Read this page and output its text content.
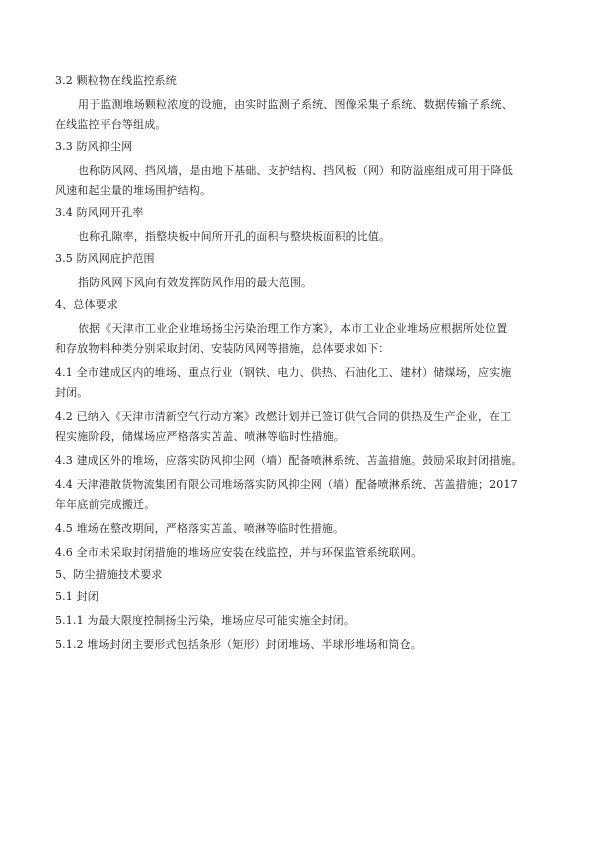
3.2 颗粒物在线监控系统
用于监测堆场颗粒浓度的设施，由实时监测子系统、图像采集子系统、数据传输子系统、
在线监控平台等组成。
3.3 防风抑尘网
也称防风网、挡风墙，是由地下基础、支护结构、挡风板（网）和防溢座组成可用于降低
风速和起尘量的堆场围护结构。
3.4 防风网开孔率
也称孔隙率，指整块板中间所开孔的面积与整块板面积的比值。
3.5 防风网庇护范围
指防风网下风向有效发挥防风作用的最大范围。
4、总体要求
依据《天津市工业企业堆场扬尘污染治理工作方案》，本市工业企业堆场应根据所处位置
和存放物料种类分别采取封闭、安装防风网等措施，总体要求如下：
4.1 全市建成区内的堆场、重点行业（钢铁、电力、供热、石油化工、建材）储煤场，应实施
封闭。
4.2 已纳入《天津市清新空气行动方案》改燃计划并已签订供气合同的供热及生产企业，在工
程实施阶段，储煤场应严格落实苫盖、喷淋等临时性措施。
4.3 建成区外的堆场，应落实防风抑尘网（墙）配备喷淋系统、苫盖措施。鼓励采取封闭措施。
4.4 天津港散货物流集团有限公司堆场落实防风抑尘网（墙）配备喷淋系统、苫盖措施；2017
年年底前完成搬迁。
4.5 堆场在整改期间，严格落实苫盖、喷淋等临时性措施。
4.6 全市未采取封闭措施的堆场应安装在线监控，并与环保监管系统联网。
5、防尘措施技术要求
5.1 封闭
5.1.1 为最大限度控制扬尘污染，堆场应尽可能实施全封闭。
5.1.2 堆场封闭主要形式包括条形（矩形）封闭堆场、半球形堆场和筒仓。
